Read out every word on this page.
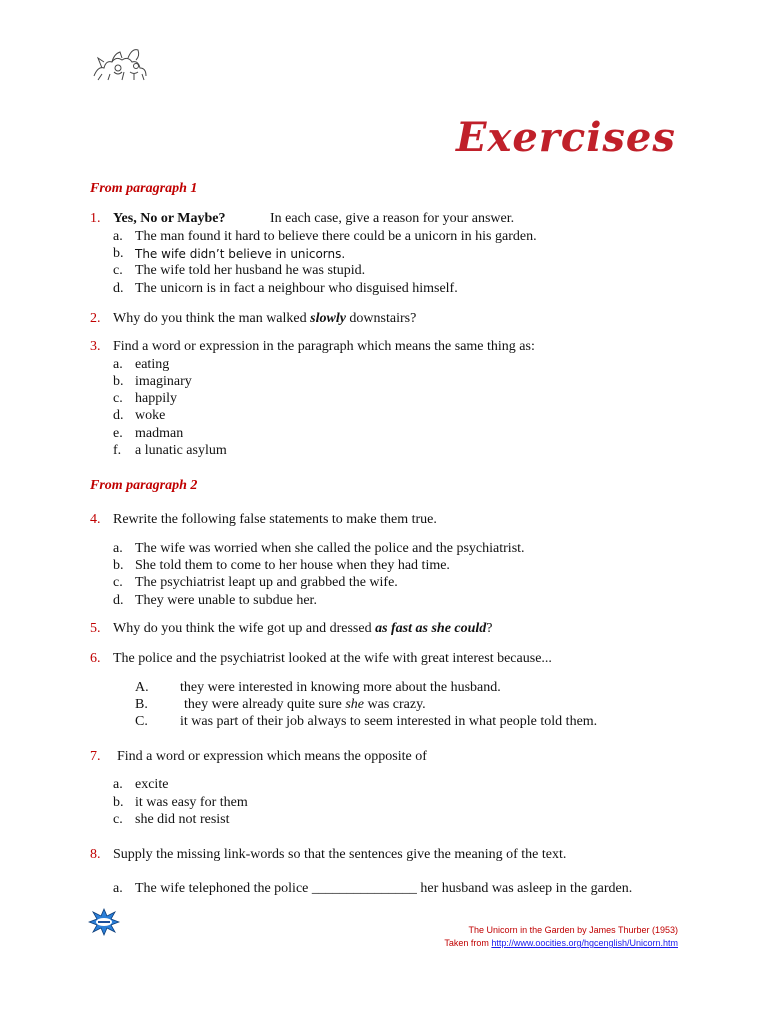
Exercises
From paragraph 1
1. Yes, No or Maybe?	In each case, give a reason for your answer.
a. The man found it hard to believe there could be a unicorn in his garden.
b. The wife didn’t believe in unicorns.
c. The wife told her husband he was stupid.
d. The unicorn is in fact a neighbour who disguised himself.
2. Why do you think the man walked slowly downstairs?
3. Find a word or expression in the paragraph which means the same thing as:
a. eating
b. imaginary
c. happily
d. woke
e. madman
f. a lunatic asylum
From paragraph 2
4. Rewrite the following false statements to make them true.
a. The wife was worried when she called the police and the psychiatrist.
b. She told them to come to her house when they had time.
c. The psychiatrist leapt up and grabbed the wife.
d. They were unable to subdue her.
5. Why do you think the wife got up and dressed as fast as she could?
6. The police and the psychiatrist looked at the wife with great interest because...
A. they were interested in knowing more about the husband.
B.	they were already quite sure she was crazy.
C. it was part of their job always to seem interested in what people told them.
7. Find a word or expression which means the opposite of
a. excite
b. it was easy for them
c. she did not resist
8. Supply the missing link-words so that the sentences give the meaning of the text.
a. The wife telephoned the police _______________ her husband was asleep in the garden.
The Unicorn in the Garden by James Thurber (1953)
Taken from http://www.oocities.org/hgcenglish/Unicorn.htm
